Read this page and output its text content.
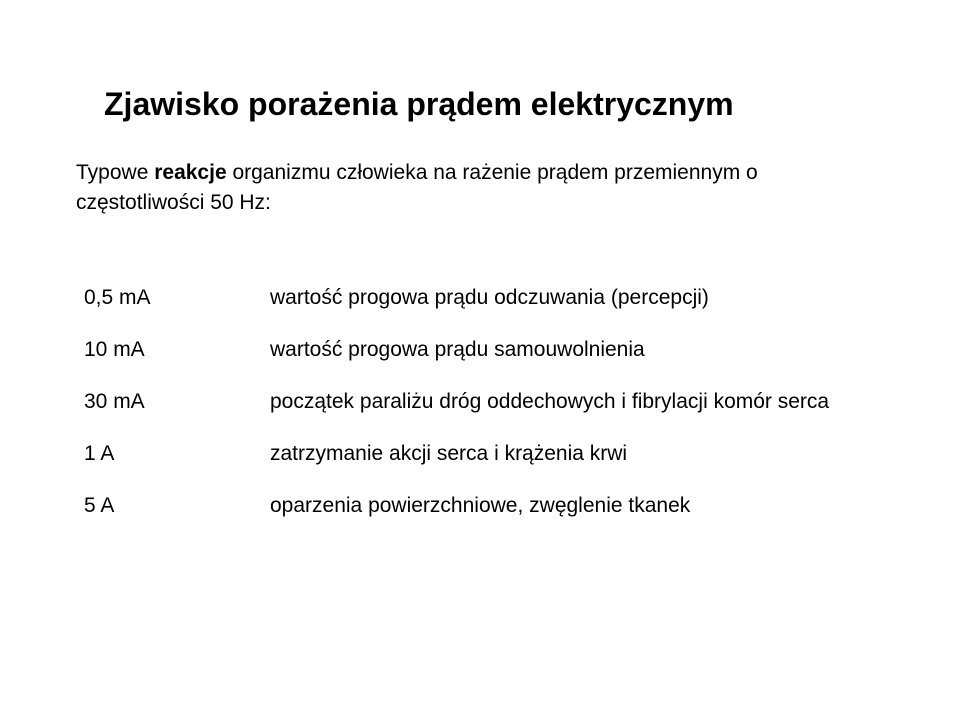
Zjawisko porażenia prądem elektrycznym

Typowe reakcje organizmu człowieka na rażenie prądem przemiennym o częstotliwości 50 Hz:

0,5 mA	wartość progowa prądu odczuwania (percepcji)
10 mA	wartość progowa prądu samouwolnienia
30 mA	początek paraliżu dróg oddechowych i fibrylacji komór serca
1 A	zatrzymanie akcji serca i krążenia krwi
5 A	oparzenia powierzchniowe, zwęglenie tkanek
